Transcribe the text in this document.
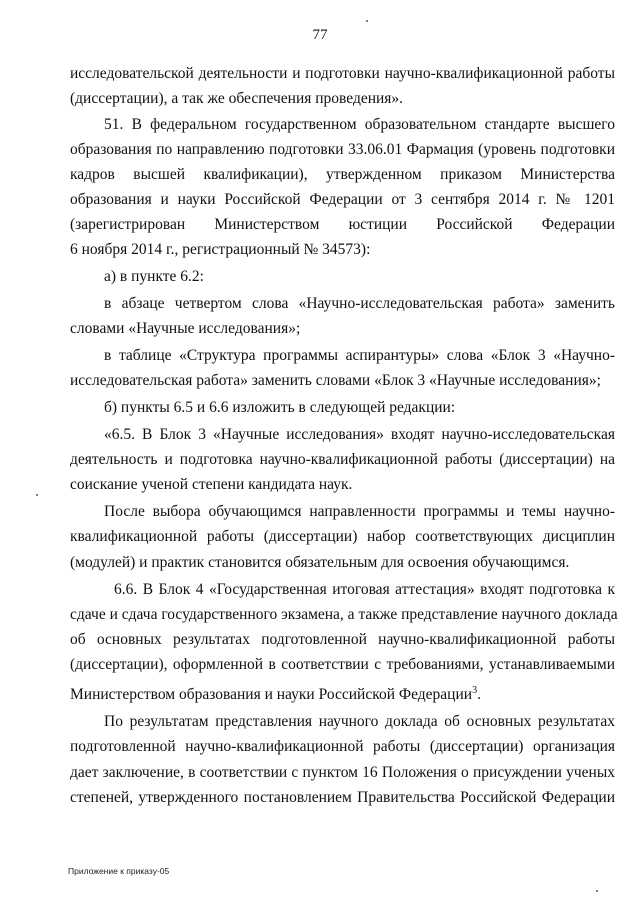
77
исследовательской деятельности и подготовки научно-квалификационной работы
(диссертации), а так же обеспечения проведения».
51. В федеральном государственном образовательном стандарте высшего
образования по направлению подготовки 33.06.01 Фармация (уровень подготовки
кадров высшей квалификации), утвержденном приказом Министерства
образования и науки Российской Федерации от 3 сентября 2014 г. № 1201
(зарегистрирован Министерством юстиции Российской Федерации
6 ноября 2014 г., регистрационный № 34573):
а) в пункте 6.2:
в абзаце четвертом слова «Научно-исследовательская работа» заменить
словами «Научные исследования»;
в таблице «Структура программы аспирантуры» слова «Блок 3 «Научно-
исследовательская работа» заменить словами «Блок 3 «Научные исследования»;
б) пункты 6.5 и 6.6 изложить в следующей редакции:
«6.5. В Блок 3 «Научные исследования» входят научно-исследовательская
деятельность и подготовка научно-квалификационной работы (диссертации) на
соискание ученой степени кандидата наук.
После выбора обучающимся направленности программы и темы научно-
квалификационной работы (диссертации) набор соответствующих дисциплин
(модулей) и практик становится обязательным для освоения обучающимся.
6.6. В Блок 4 «Государственная итоговая аттестация» входят подготовка к
сдаче и сдача государственного экзамена, а также представление научного доклада
об основных результатах подготовленной научно-квалификационной работы
(диссертации), оформленной в соответствии с требованиями, устанавливаемыми
Министерством образования и науки Российской Федерации$^3$.
По результатам представления научного доклада об основных результатах
подготовленной научно-квалификационной работы (диссертации) организация
дает заключение, в соответствии с пунктом 16 Положения о присуждении ученых
степеней, утвержденного постановлением Правительства Российской Федерации
Приложение к приказу-05
